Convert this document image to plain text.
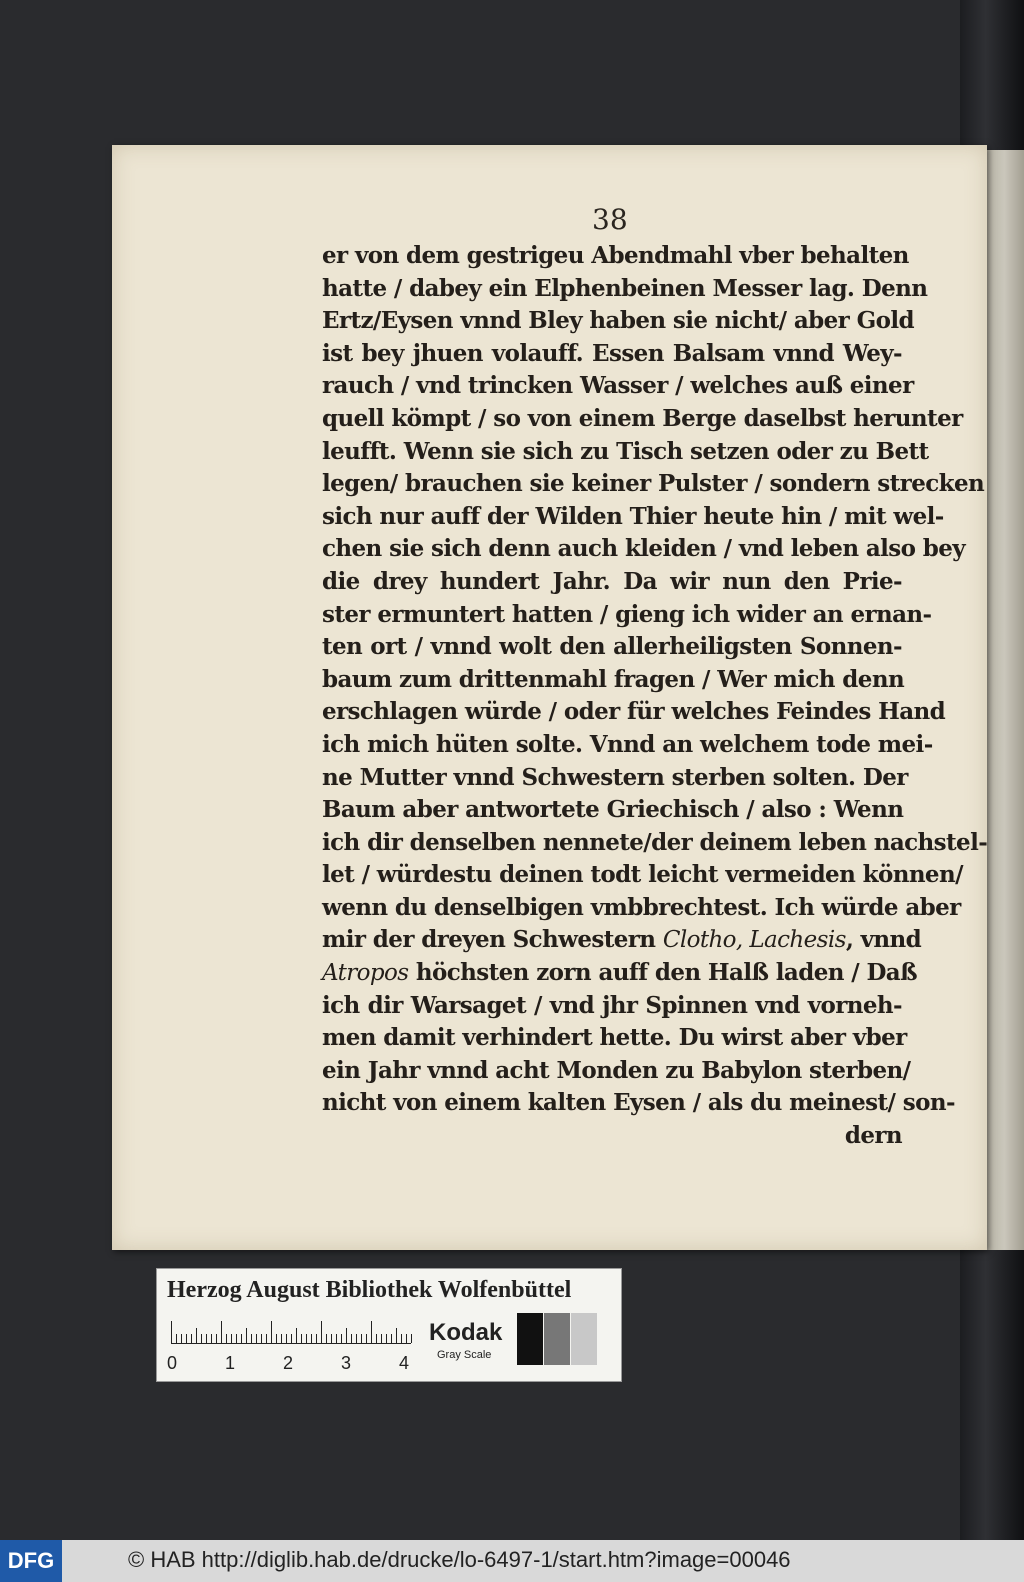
38
er von dem gestrigeu Abendmahl vber behalten
hatte / dabey ein Elphenbeinen Messer lag. Denn
Ertz/Eysen vnnd Bley haben sie nicht/ aber Gold
ist bey jhuen volauff. Essen Balsam vnnd Wey-
rauch / vnd trincken Wasser / welches auß einer
quell kömpt / so von einem Berge daselbst herunter
leufft. Wenn sie sich zu Tisch setzen oder zu Bett
legen/ brauchen sie keiner Pulster / sondern strecken
sich nur auff der Wilden Thier heute hin / mit wel-
chen sie sich denn auch kleiden / vnd leben also bey
die drey hundert Jahr. Da wir nun den Prie-
ster ermuntert hatten / gieng ich wider an ernan-
ten ort / vnnd wolt den allerheiligsten Sonnen-
baum zum drittenmahl fragen / Wer mich denn
erschlagen würde / oder für welches Feindes Hand
ich mich hüten solte. Vnnd an welchem tode mei-
ne Mutter vnnd Schwestern sterben solten. Der
Baum aber antwortete Griechisch / also : Wenn
ich dir denselben nennete/der deinem leben nachstel-
let / würdestu deinen todt leicht vermeiden können/
wenn du denselbigen vmbbrechtest. Ich würde aber
mir der dreyen Schwestern Clotho, Lachesis, vnnd
Atropos höchsten zorn auff den Halß laden / Daß
ich dir Warsaget / vnd jhr Spinnen vnd vorneh-
men damit verhindert hette. Du wirst aber vber
ein Jahr vnnd acht Monden zu Babylon sterben/
nicht von einem kalten Eysen / als du meinest/ son-
dern
Herzog August Bibliothek Wolfenbüttel
0	1	2	3	4
Kodak
Gray Scale
DFG	© HAB http://diglib.hab.de/drucke/lo-6497-1/start.htm?image=00046
